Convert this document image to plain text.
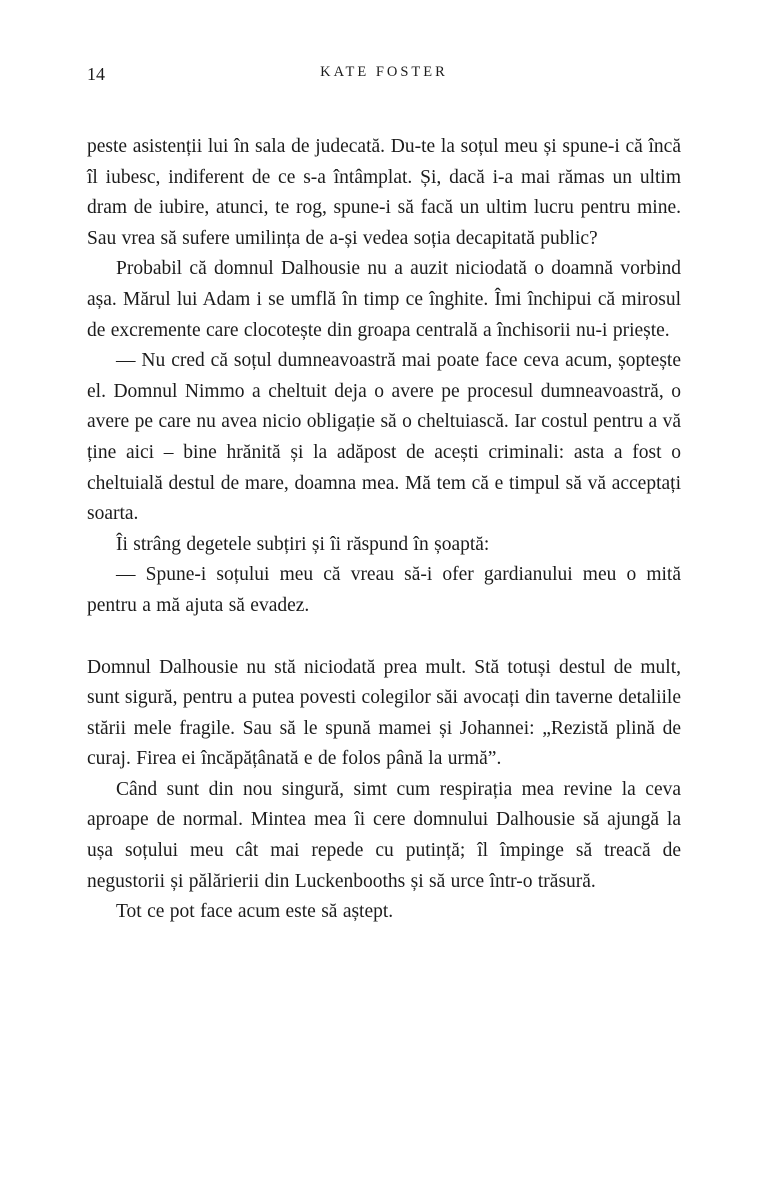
14	KATE FOSTER

peste asistenții lui în sala de judecată. Du-te la soțul meu și spune-i că încă îl iubesc, indiferent de ce s-a întâmplat. Și, dacă i-a mai rămas un ultim dram de iubire, atunci, te rog, spune-i să facă un ultim lucru pentru mine. Sau vrea să sufere umilința de a-și vedea soția decapitată public?

Probabil că domnul Dalhousie nu a auzit niciodată o doamnă vorbind așa. Mărul lui Adam i se umflă în timp ce înghite. Îmi închipui că mirosul de excremente care clocotește din groapa centrală a închisorii nu-i priește.

— Nu cred că soțul dumneavoastră mai poate face ceva acum, șoptește el. Domnul Nimmo a cheltuit deja o avere pe procesul dumneavoastră, o avere pe care nu avea nicio obligație să o cheltuiască. Iar costul pentru a vă ține aici – bine hrănită și la adăpost de acești criminali: asta a fost o cheltuială destul de mare, doamna mea. Mă tem că e timpul să vă acceptați soarta.

Îi strâng degetele subțiri și îi răspund în șoaptă:

— Spune-i soțului meu că vreau să-i ofer gardianului meu o mită pentru a mă ajuta să evadez.

Domnul Dalhousie nu stă niciodată prea mult. Stă totuși destul de mult, sunt sigură, pentru a putea povesti colegilor săi avocați din taverne detaliile stării mele fragile. Sau să le spună mamei și Johannei: „Rezistă plină de curaj. Firea ei încăpățânată e de folos până la urmă”.

Când sunt din nou singură, simt cum respirația mea revine la ceva aproape de normal. Mintea mea îi cere domnului Dalhousie să ajungă la ușa soțului meu cât mai repede cu putință; îl împinge să treacă de negustorii și pălărierii din Luckenbooths și să urce într-o trăsură.

Tot ce pot face acum este să aștept.
